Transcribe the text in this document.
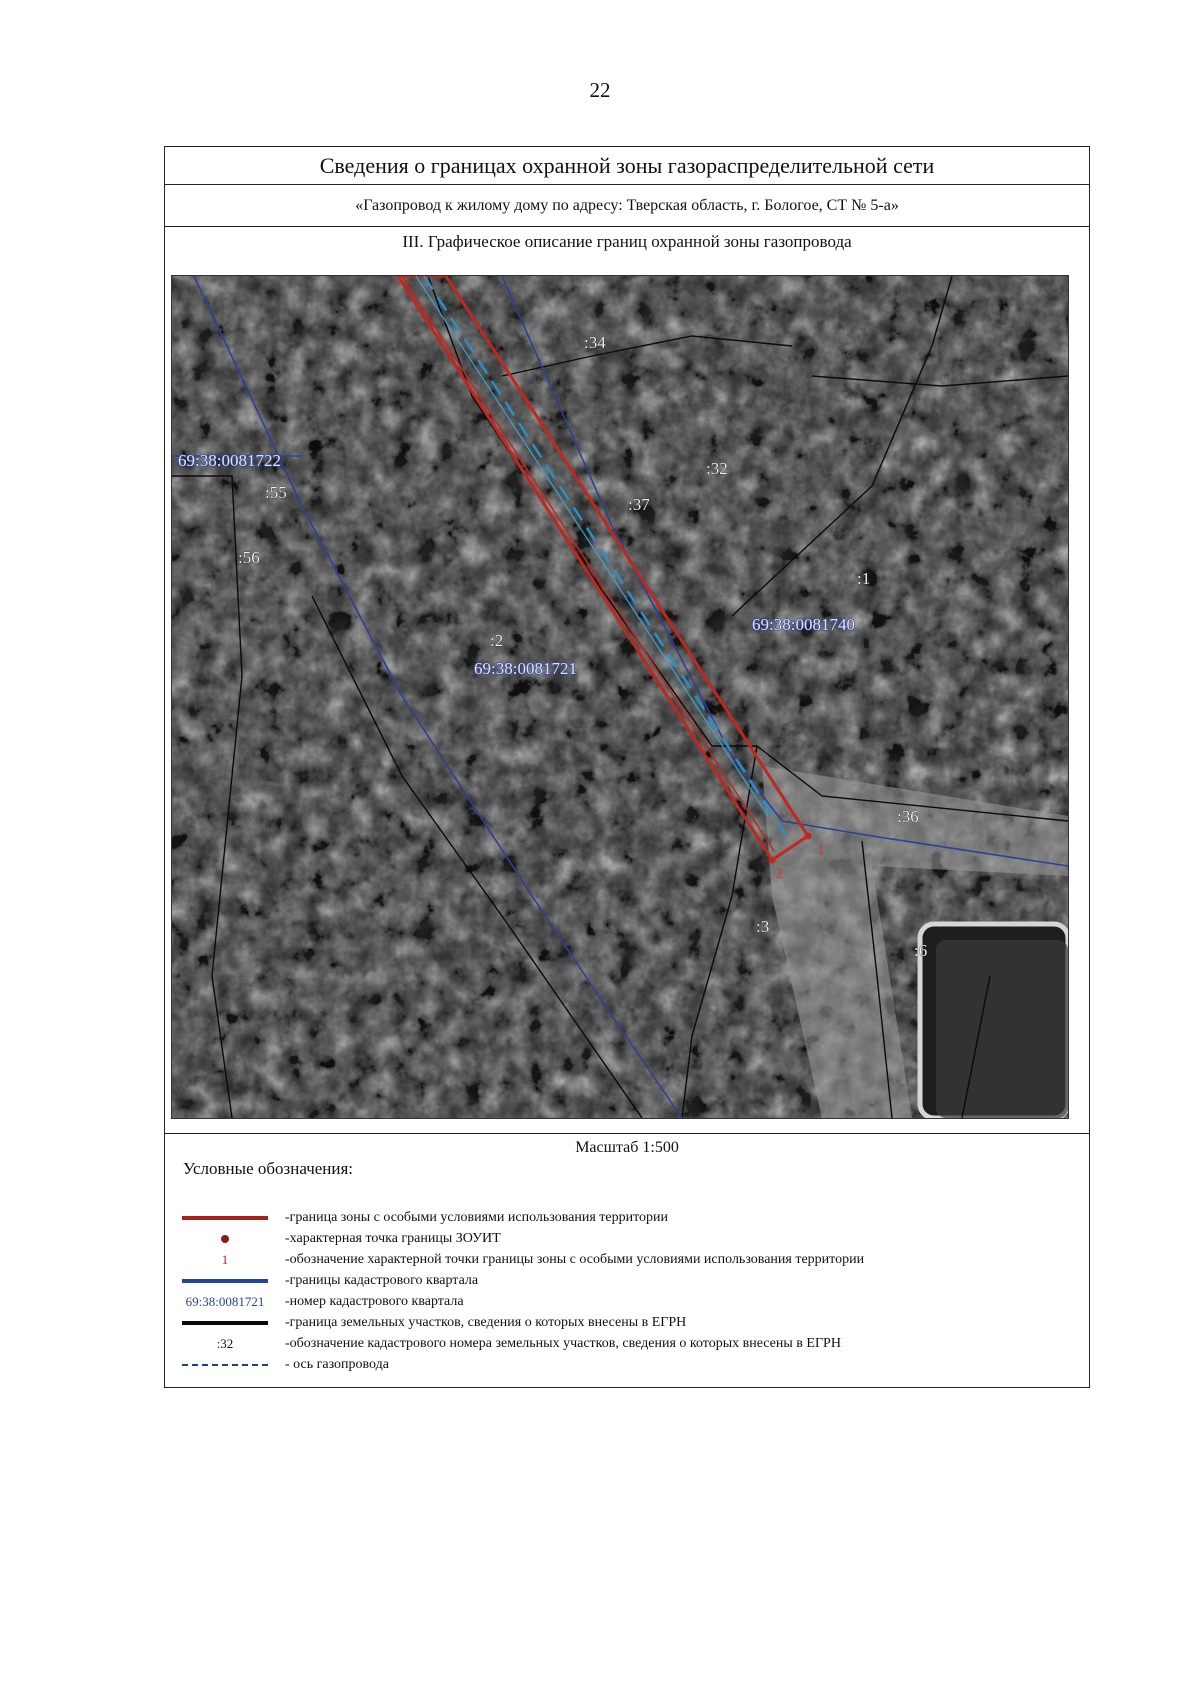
22
Сведения о границах охранной зоны газораспределительной сети
«Газопровод к жилому дому по адресу: Тверская область, г. Бологое, СТ № 5-а»
III. Графическое описание границ охранной зоны газопровода
1
2
:34
:55
:32
:37
:56
:1
:2
:36
:3
:6
69:38:0081722
69:38:0081740
69:38:0081721
Масштаб 1:500
Условные обозначения:
-граница зоны с особыми условиями использования территории
-характерная точка границы ЗОУИТ
1	-обозначение характерной точки границы зоны с особыми условиями использования территории
-границы кадастрового квартала
69:38:0081721 -номер кадастрового квартала
-граница земельных участков, сведения о которых внесены в ЕГРН
:32	-обозначение кадастрового номера земельных участков, сведения о которых внесены в ЕГРН
- ось газопровода
